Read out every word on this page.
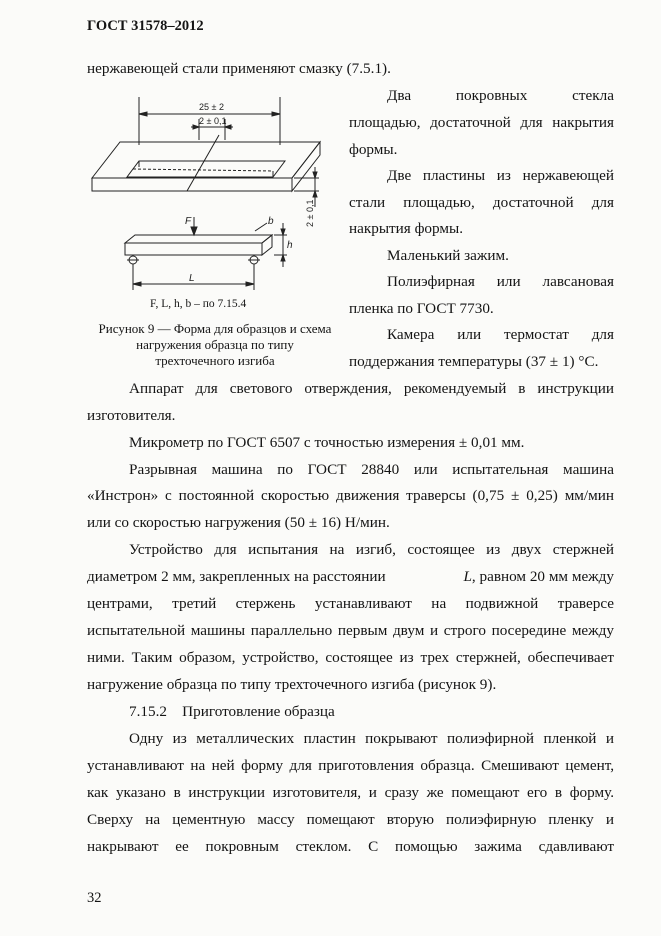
ГОСТ 31578–2012
нержавеющей стали применяют смазку (7.5.1).
25 ± 2
2 ± 0,1
2 ± 0,1
F	b
h
L
F, L, h, b – по 7.15.4
Рисунок 9 — Форма для образцов и схема
нагружения образца по типу
трехточечного изгиба
Два покровных стекла
площадью, достаточной для накрытия
формы.
Две пластины из нержавеющей
стали площадью, достаточной для
накрытия формы.
Маленький зажим.
Полиэфирная или лавсановая
пленка по ГОСТ 7730.
Камера или термостат для
поддержания температуры (37 ± 1) °C.
Аппарат для светового отверждения, рекомендуемый в инструкции
изготовителя.
Микрометр по ГОСТ 6507 с точностью измерения ± 0,01 мм.
Разрывная машина по ГОСТ 28840 или испытательная машина
«Инстрон» с постоянной скоростью движения траверсы (0,75 ± 0,25) мм/мин
или со скоростью нагружения (50 ± 16) Н/мин.
Устройство для испытания на изгиб, состоящее из двух стержней
диаметром 2 мм, закрепленных на расстоянии	L, равном 20 мм между
центрами, третий стержень устанавливают на подвижной траверсе
испытательной машины параллельно первым двум и строго посередине между
ними. Таким образом, устройство, состоящее из трех стержней, обеспечивает
нагружение образца по типу трехточечного изгиба (рисунок 9).
7.15.2    Приготовление образца
Одну из металлических пластин покрывают полиэфирной пленкой и
устанавливают на ней форму для приготовления образца. Смешивают цемент,
как указано в инструкции изготовителя, и сразу же помещают его в форму.
Сверху на цементную массу помещают вторую полиэфирную пленку и
накрывают ее покровным стеклом. С помощью зажима сдавливают
32
